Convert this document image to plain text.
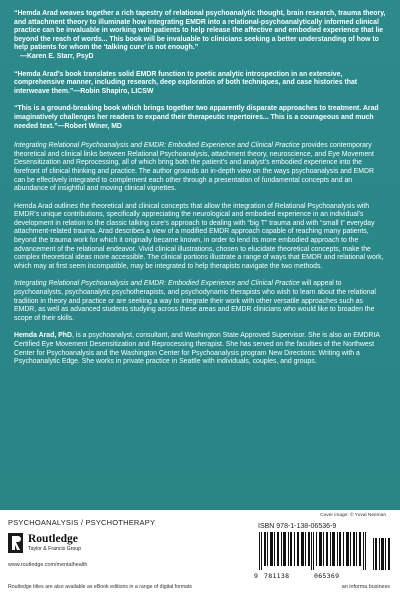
“Hemda Arad weaves together a rich tapestry of relational psychoanalytic thought, brain research, trauma theory, and attachment theory to illuminate how integrating EMDR into a relational-psychoanalytically informed clinical practice can be invaluable in working with patients to help release the affective and embodied experience that lie beyond the reach of words... This book will be invaluable to clinicians seeking a better understanding of how to help patients for whom the ‘talking cure’ is not enough.”

—Karen E. Starr, PsyD

“Hemda Arad’s book translates solid EMDR function to poetic analytic introspection in an extensive, comprehensive manner, including research, deep exploration of both techniques, and case histories that interweave them.”—Robin Shapiro, LICSW

“This is a ground-breaking book which brings together two apparently disparate approaches to treatment. Arad imaginatively challenges her readers to expand their therapeutic repertoires... This is a courageous and much needed text.”—Robert Winer, MD

Integrating Relational Psychoanalysis and EMDR: Embodied Experience and Clinical Practice provides contemporary theoretical and clinical links between Relational Psychoanalysis, attachment theory, neuroscience, and Eye Movement Desensitization and Reprocessing, all of which bring both the patient’s and analyst’s embodied experience into the forefront of clinical thinking and practice. The author grounds an in-depth view on the ways psychoanalysis and EMDR can be effectively integrated to complement each other through a presentation of fundamental concepts and an abundance of insightful and moving clinical vignettes.

Hemda Arad outlines the theoretical and clinical concepts that allow the integration of Relational Psychoanalysis with EMDR’s unique contributions, specifically appreciating the neurological and embodied experience in an individual’s development in relation to the classic talking cure’s approach to dealing with “big T” trauma and with “small t” everyday attachment-related trauma. Arad describes a view of a modified EMDR approach capable of reaching many patients, beyond the trauma work for which it originally became known, in order to lend its more embodied approach to the advancement of the relational endeavor. Vivid clinical illustrations, chosen to elucidate theoretical concepts, make the complex theoretical ideas more accessible. The clinical portions illustrate a range of ways that EMDR and relational work, which may at first seem incompatible, may be integrated to help therapists navigate the two methods.

Integrating Relational Psychoanalysis and EMDR: Embodied Experience and Clinical Practice will appeal to psychoanalysts, psychoanalytic psychotherapists, and psychodynamic therapists who wish to learn about the relational tradition in theory and practice or are seeking a way to integrate their work with other versatile approaches such as EMDR, as well as advanced students studying across these areas and EMDR clinicians who would like to broaden the scope of their skills.

Hemda Arad, PhD, is a psychoanalyst, consultant, and Washington State Approved Supervisor. She is also an EMDRIA Certified Eye Movement Desensitization and Reprocessing therapist. She has served on the faculties of the Northwest Center for Psychoanalysis and the Washington Center for Psychoanalysis program New Directions: Writing with a Psychoanalytic Edge. She works in private practice in Seattle with individuals, couples, and groups.

PSYCHOANALYSIS / PSYCHOTHERAPY
Cover image: © Yuval Neeman
Routledge
Taylor & Francis Group
www.routledge.com/mentalhealth
Routledge titles are also available as eBook editions in a range of digital formats
ISBN 978-1-138-06536-9
9 781138	065369
an informa business
